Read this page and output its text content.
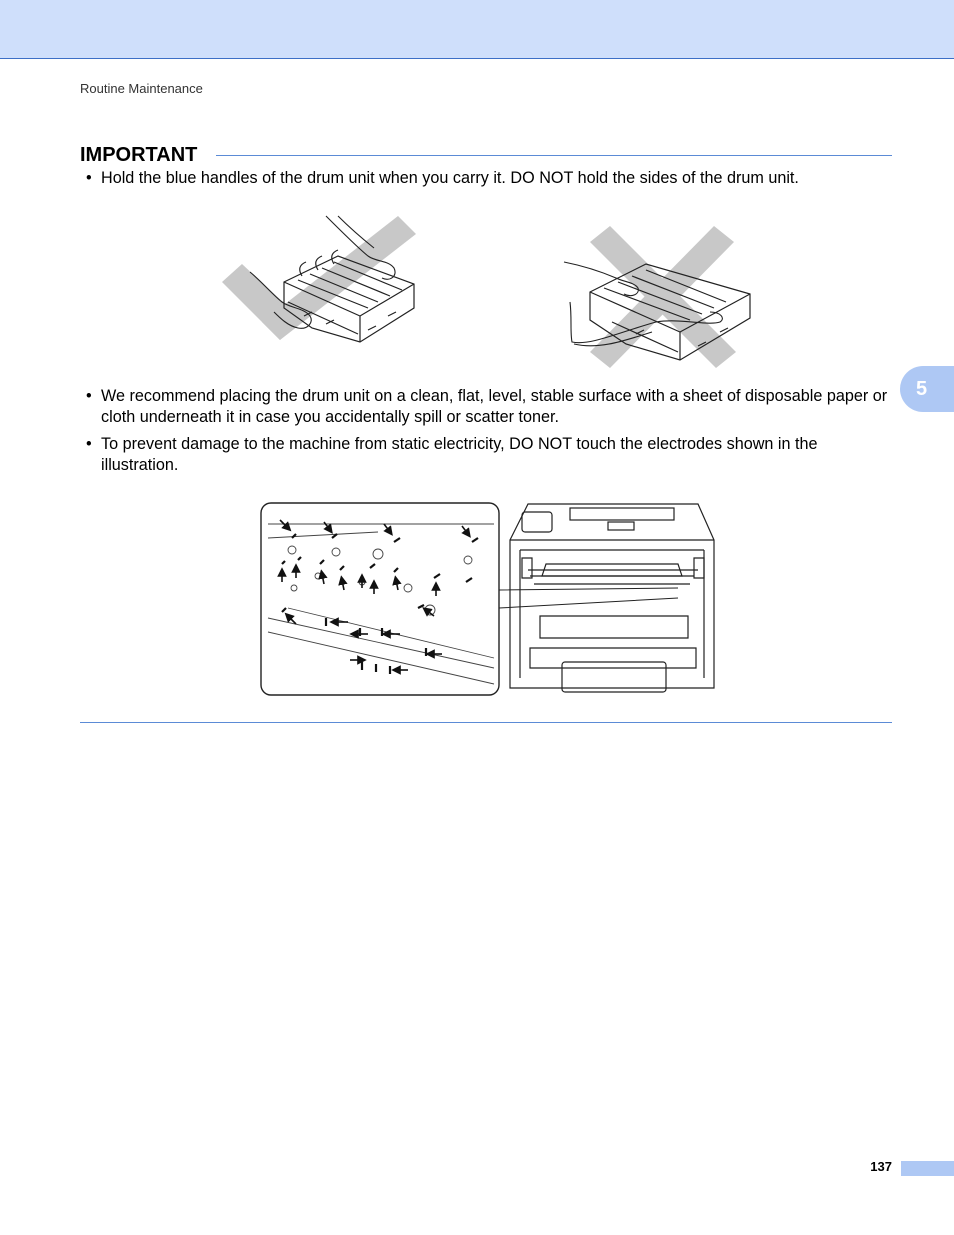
Routine Maintenance
IMPORTANT
• Hold the blue handles of the drum unit when you carry it. DO NOT hold the sides of the drum unit.
• We recommend placing the drum unit on a clean, flat, level, stable surface with a sheet of disposable paper or cloth underneath it in case you accidentally spill or scatter toner.
• To prevent damage to the machine from static electricity, DO NOT touch the electrodes shown in the illustration.
5
137
